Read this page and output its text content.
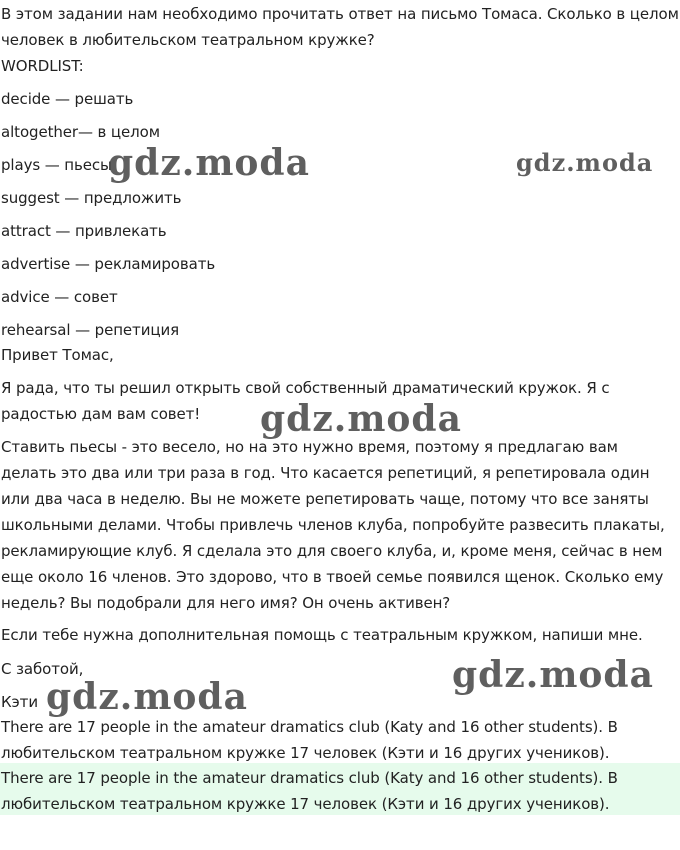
В этом задании нам необходимо прочитать ответ на письмо Томаса. Сколько в целом
человек в любительском театральном кружке?
WORDLIST:
decide — решать
altogether— в целом
plays — пьесы
suggest — предложить
attract — привлекать
advertise — рекламировать
advice — совет
rehearsal — репетиция
Привет Томас,
Я рада, что ты решил открыть свой собственный драматический кружок. Я с радостью дам вам совет!
Ставить пьесы - это весело, но на это нужно время, поэтому я предлагаю вам делать это два или три раза в год. Что касается репетиций, я репетировала один или два часа в неделю. Вы не можете репетировать чаще, потому что все заняты школьными делами. Чтобы привлечь членов клуба, попробуйте развесить плакаты, рекламирующие клуб. Я сделала это для своего клуба, и, кроме меня, сейчас в нем еще около 16 членов. Это здорово, что в твоей семье появился щенок. Сколько ему недель? Вы подобрали для него имя? Он очень активен?
Если тебе нужна дополнительная помощь с театральным кружком, напиши мне.
С заботой,
Кэти
There are 17 people in the amateur dramatics club (Katy and 16 other students). В
любительском театральном кружке 17 человек (Кэти и 16 других учеников).
There are 17 people in the amateur dramatics club (Katy and 16 other students). В
любительском театральном кружке 17 человек (Кэти и 16 других учеников).
gdz.moda	gdz.moda
gdz.moda
gdz.moda
gdz.moda
